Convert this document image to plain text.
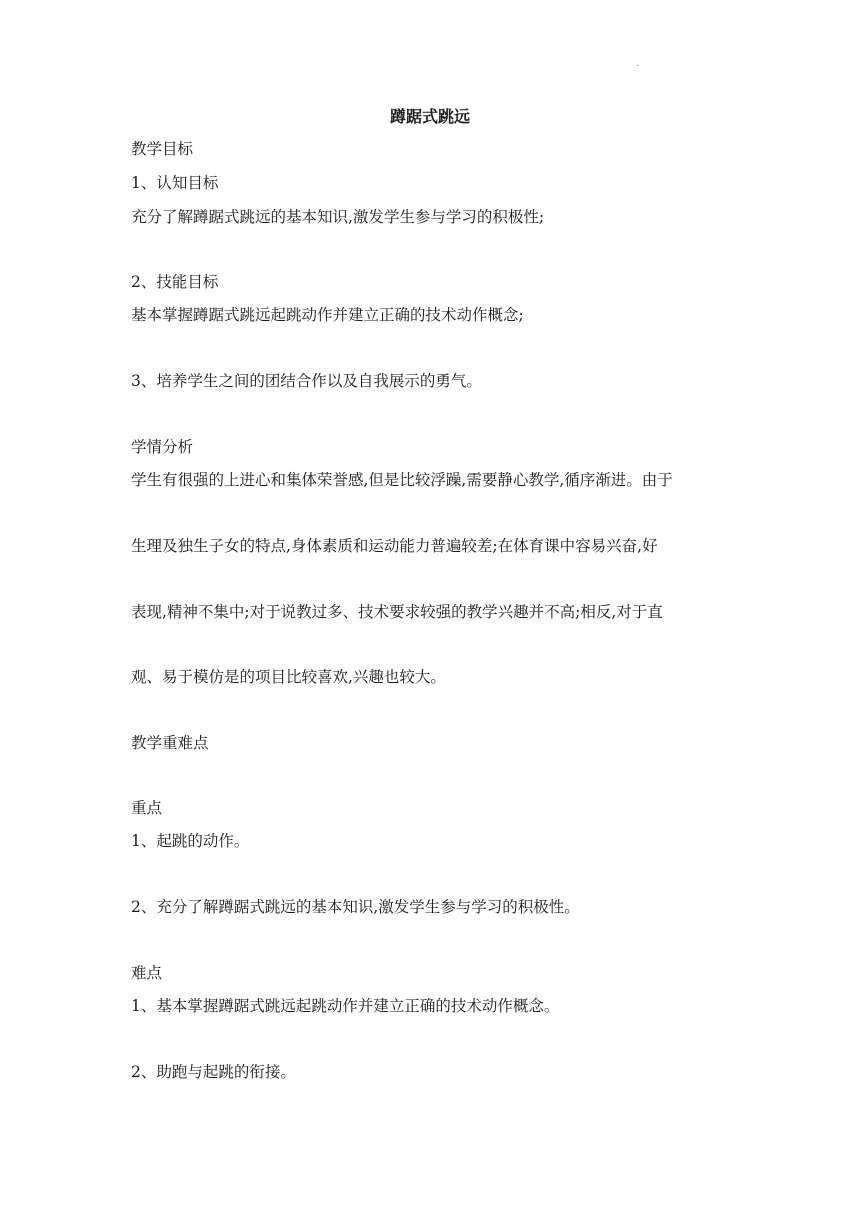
.
蹲踞式跳远
教学目标
1、认知目标
充分了解蹲踞式跳远的基本知识,激发学生参与学习的积极性;
2、技能目标
基本掌握蹲踞式跳远起跳动作并建立正确的技术动作概念;
3、培养学生之间的团结合作以及自我展示的勇气。
学情分析
学生有很强的上进心和集体荣誉感,但是比较浮躁,需要静心教学,循序渐进。由于
生理及独生子女的特点,身体素质和运动能力普遍较差;在体育课中容易兴奋,好
表现,精神不集中;对于说教过多、技术要求较强的教学兴趣并不高;相反,对于直
观、易于模仿是的项目比较喜欢,兴趣也较大。
教学重难点
重点
1、起跳的动作。
2、充分了解蹲踞式跳远的基本知识,激发学生参与学习的积极性。
难点
1、基本掌握蹲踞式跳远起跳动作并建立正确的技术动作概念。
2、助跑与起跳的衔接。
